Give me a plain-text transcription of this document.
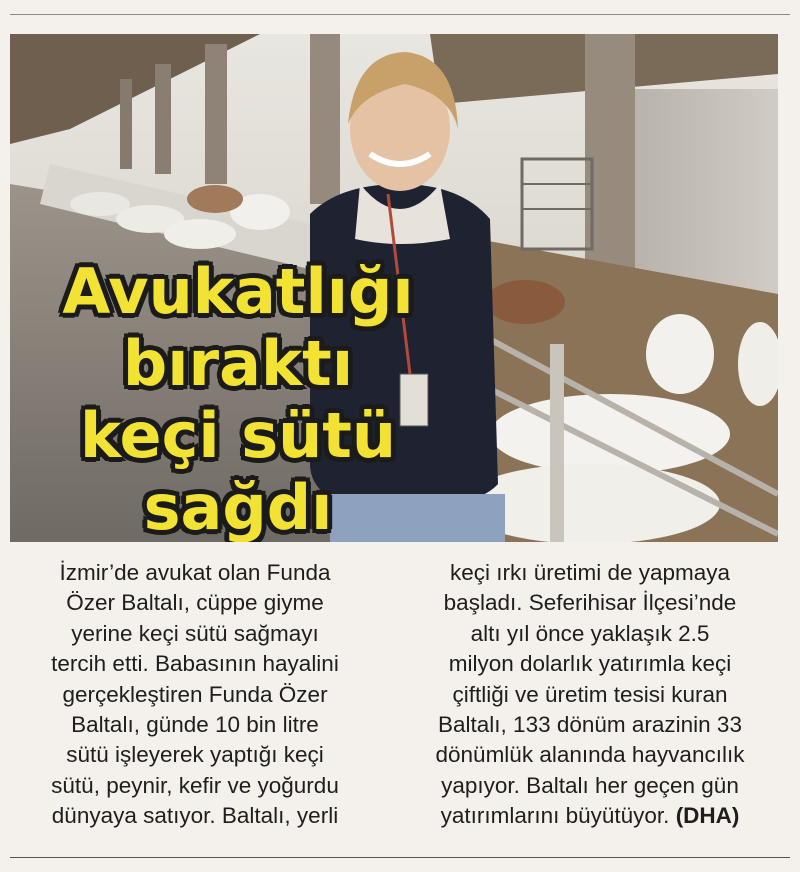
Avukatlığı
bıraktı
keçi sütü
sağdı
İzmir’de avukat olan Funda
Özer Baltalı, cüppe giyme
yerine keçi sütü sağmayı
tercih etti. Babasının hayalini
gerçekleştiren Funda Özer
Baltalı, günde 10 bin litre
sütü işleyerek yaptığı keçi
sütü, peynir, kefir ve yoğurdu
dünyaya satıyor. Baltalı, yerli
keçi ırkı üretimi de yapmaya
başladı. Seferihisar İlçesi’nde
altı yıl önce yaklaşık 2.5
milyon dolarlık yatırımla keçi
çiftliği ve üretim tesisi kuran
Baltalı, 133 dönüm arazinin 33
dönümlük alanında hayvancılık
yapıyor. Baltalı her geçen gün
yatırımlarını büyütüyor. (DHA)
